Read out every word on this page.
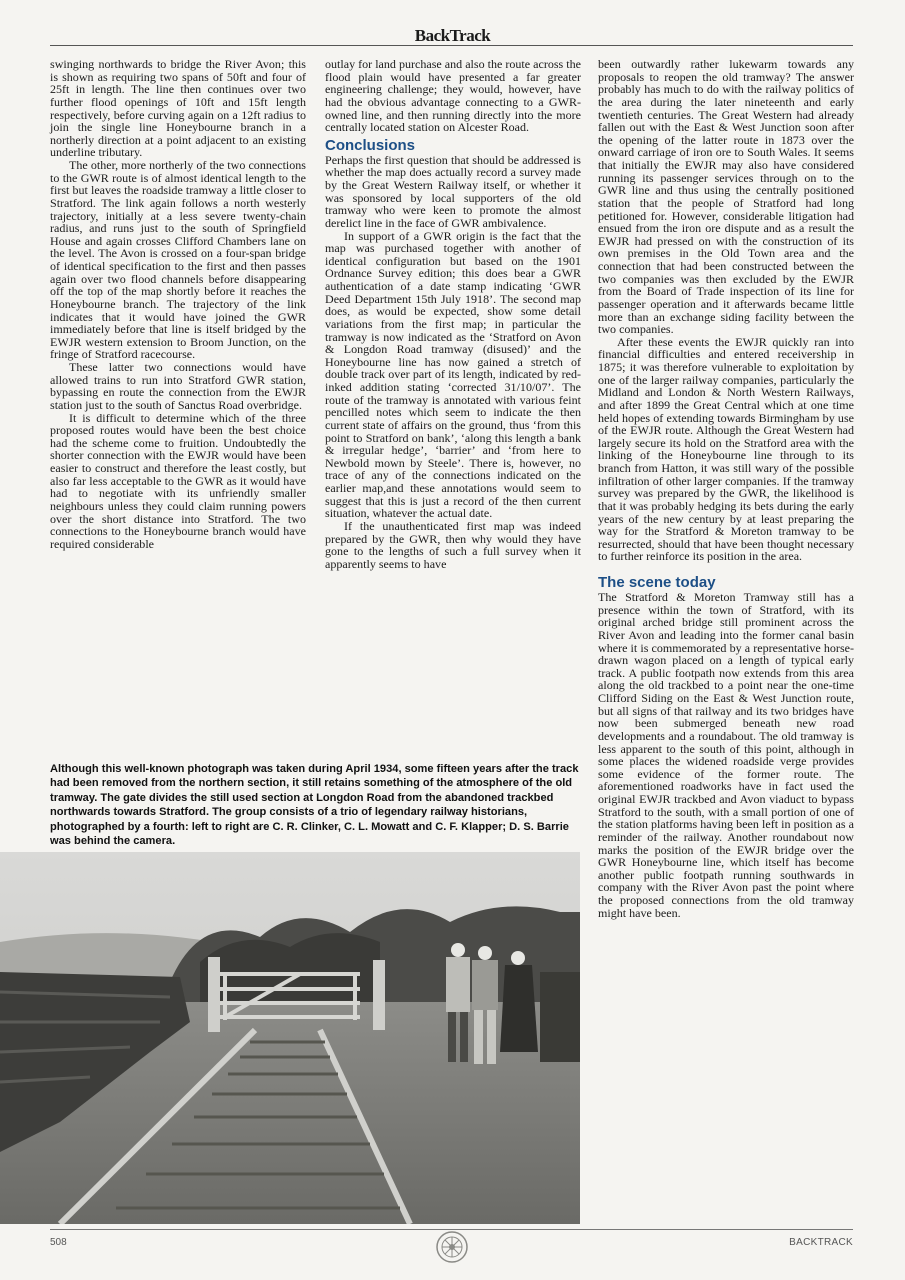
BackTrack

swinging northwards to bridge the River Avon; this is shown as requiring two spans of 50ft and four of 25ft in length. The line then continues over two further flood openings of 10ft and 15ft length respectively, before curving again on a 12ft radius to join the single line Honeybourne branch in a northerly direction at a point adjacent to an existing underline tributary.

The other, more northerly of the two connections to the GWR route is of almost identical length to the first but leaves the roadside tramway a little closer to Stratford. The link again follows a north westerly trajectory, initially at a less severe twenty-chain radius, and runs just to the south of Springfield House and again crosses Clifford Chambers lane on the level. The Avon is crossed on a four-span bridge of identical specification to the first and then passes again over two flood channels before disappearing off the top of the map shortly before it reaches the Honeybourne branch. The trajectory of the link indicates that it would have joined the GWR immediately before that line is itself bridged by the EWJR western extension to Broom Junction, on the fringe of Stratford racecourse.

These latter two connections would have allowed trains to run into Stratford GWR station, bypassing en route the connection from the EWJR station just to the south of Sanctus Road overbridge.

It is difficult to determine which of the three proposed routes would have been the best choice had the scheme come to fruition. Undoubtedly the shorter connection with the EWJR would have been easier to construct and therefore the least costly, but also far less acceptable to the GWR as it would have had to negotiate with its unfriendly smaller neighbours unless they could claim running powers over the short distance into Stratford. The two connections to the Honeybourne branch would have required considerable

outlay for land purchase and also the route across the flood plain would have presented a far greater engineering challenge; they would, however, have had the obvious advantage connecting to a GWR-owned line, and then running directly into the more centrally located station on Alcester Road.

Conclusions

Perhaps the first question that should be addressed is whether the map does actually record a survey made by the Great Western Railway itself, or whether it was sponsored by local supporters of the old tramway who were keen to promote the almost derelict line in the face of GWR ambivalence.

In support of a GWR origin is the fact that the map was purchased together with another of identical configuration but based on the 1901 Ordnance Survey edition; this does bear a GWR authentication of a date stamp indicating ‘GWR Deed Department 15th July 1918’. The second map does, as would be expected, show some detail variations from the first map; in particular the tramway is now indicated as the ‘Stratford on Avon & Longdon Road tramway (disused)’ and the Honeybourne line has now gained a stretch of double track over part of its length, indicated by red-inked addition stating ‘corrected 31/10/07’. The route of the tramway is annotated with various feint pencilled notes which seem to indicate the then current state of affairs on the ground, thus ‘from this point to Stratford on bank’, ‘along this length a bank & irregular hedge’, ‘barrier’ and ‘from here to Newbold mown by Steele’. There is, however, no trace of any of the connections indicated on the earlier map,and these annotations would seem to suggest that this is just a record of the then current situation, whatever the actual date.

If the unauthenticated first map was indeed prepared by the GWR, then why would they have gone to the lengths of such a full survey when it apparently seems to have

been outwardly rather lukewarm towards any proposals to reopen the old tramway? The answer probably has much to do with the railway politics of the area during the later nineteenth and early twentieth centuries. The Great Western had already fallen out with the East & West Junction soon after the opening of the latter route in 1873 over the onward carriage of iron ore to South Wales. It seems that initially the EWJR may also have considered running its passenger services through on to the GWR line and thus using the centrally positioned station that the people of Stratford had long petitioned for. However, considerable litigation had ensued from the iron ore dispute and as a result the EWJR had pressed on with the construction of its own premises in the Old Town area and the connection that had been constructed between the two companies was then excluded by the EWJR from the Board of Trade inspection of its line for passenger operation and it afterwards became little more than an exchange siding facility between the two companies.

After these events the EWJR quickly ran into financial difficulties and entered receivership in 1875; it was therefore vulnerable to exploitation by one of the larger railway companies, particularly the Midland and London & North Western Railways, and after 1899 the Great Central which at one time held hopes of extending towards Birmingham by use of the EWJR route. Although the Great Western had largely secure its hold on the Stratford area with the linking of the Honeybourne line through to its branch from Hatton, it was still wary of the possible infiltration of other larger companies. If the tramway survey was prepared by the GWR, the likelihood is that it was probably hedging its bets during the early years of the new century by at least preparing the way for the Stratford & Moreton tramway to be resurrected, should that have been thought necessary to further reinforce its position in the area.

The scene today

The Stratford & Moreton Tramway still has a presence within the town of Stratford, with its original arched bridge still prominent across the River Avon and leading into the former canal basin where it is commemorated by a representative horse-drawn wagon placed on a length of typical early track. A public footpath now extends from this area along the old trackbed to a point near the one-time Clifford Siding on the East & West Junction route, but all signs of that railway and its two bridges have now been submerged beneath new road developments and a roundabout. The old tramway is less apparent to the south of this point, although in some places the widened roadside verge provides some evidence of the former route. The aforementioned roadworks have in fact used the original EWJR trackbed and Avon viaduct to bypass Stratford to the south, with a small portion of one of the station platforms having been left in position as a reminder of the railway. Another roundabout now marks the position of the EWJR bridge over the GWR Honeybourne line, which itself has become another public footpath running southwards in company with the River Avon past the point where the proposed connections from the old tramway might have been.

Although this well-known photograph was taken during April 1934, some fifteen years after the track had been removed from the northern section, it still retains something of the atmosphere of the old tramway. The gate divides the still used section at Longdon Road from the abandoned trackbed northwards towards Stratford. The group consists of a trio of legendary railway historians, photographed by a fourth: left to right are C. R. Clinker, C. L. Mowatt and C. F. Klapper; D. S. Barrie was behind the camera.
508	BACKTRACK
